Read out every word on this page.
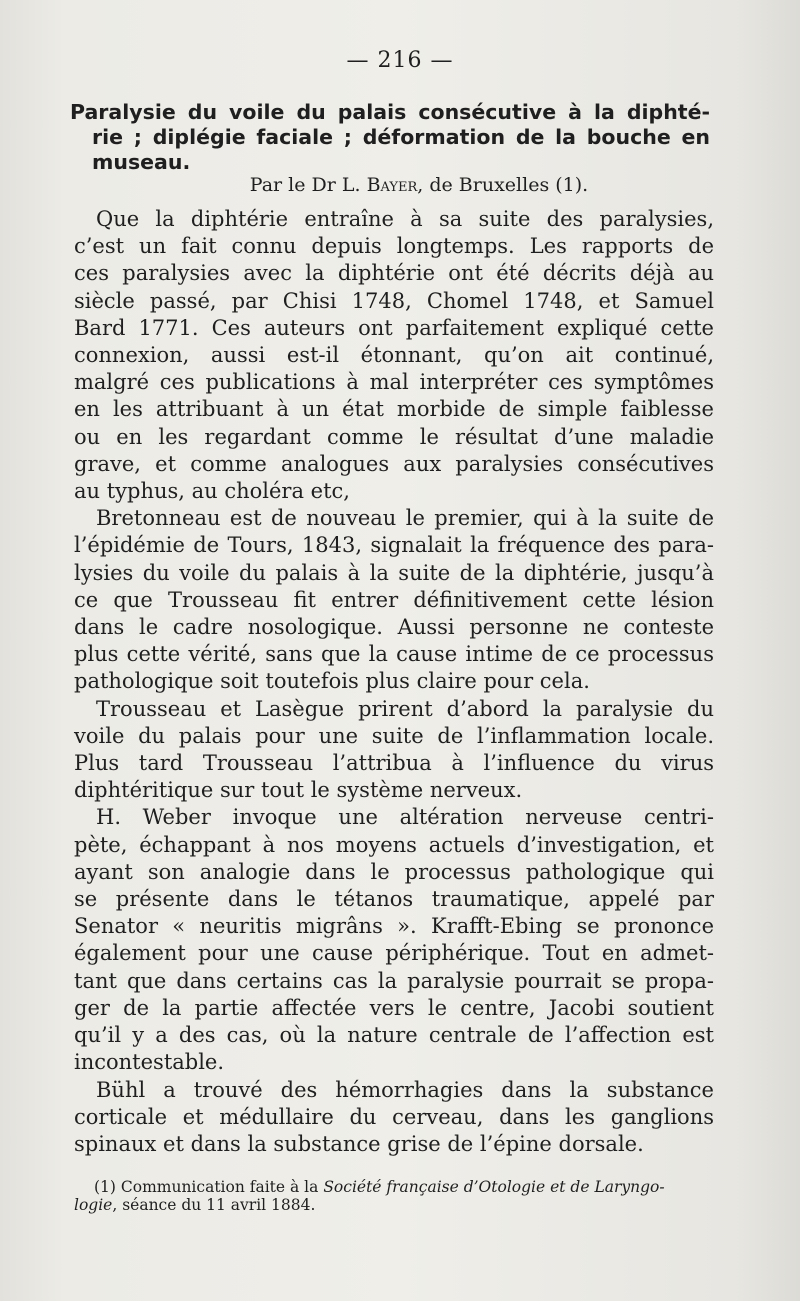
— 216 —
Paralysie du voile du palais consécutive à la diphté-
rie ; diplégie faciale ; déformation de la bouche en
museau.
Par le Dr L. Bayer, de Bruxelles (1).
Que la diphtérie entraîne à sa suite des paralysies,
c’est un fait connu depuis longtemps. Les rapports de
ces paralysies avec la diphtérie ont été décrits déjà au
siècle passé, par Chisi 1748, Chomel 1748, et Samuel
Bard 1771. Ces auteurs ont parfaitement expliqué cette
connexion, aussi est-il étonnant, qu’on ait continué,
malgré ces publications à mal interpréter ces symptômes
en les attribuant à un état morbide de simple faiblesse
ou en les regardant comme le résultat d’une maladie
grave, et comme analogues aux paralysies consécutives
au typhus, au choléra etc,
Bretonneau est de nouveau le premier, qui à la suite de
l’épidémie de Tours, 1843, signalait la fréquence des para-
lysies du voile du palais à la suite de la diphtérie, jusqu’à
ce que Trousseau fit entrer définitivement cette lésion
dans le cadre nosologique. Aussi personne ne conteste
plus cette vérité, sans que la cause intime de ce processus
pathologique soit toutefois plus claire pour cela.
Trousseau et Lasègue prirent d’abord la paralysie du
voile du palais pour une suite de l’inflammation locale.
Plus tard Trousseau l’attribua à l’influence du virus
diphtéritique sur tout le système nerveux.
H. Weber invoque une altération nerveuse centri-
pète, échappant à nos moyens actuels d’investigation, et
ayant son analogie dans le processus pathologique qui
se présente dans le tétanos traumatique, appelé par
Senator « neuritis migrâns ». Krafft-Ebing se prononce
également pour une cause périphérique. Tout en admet-
tant que dans certains cas la paralysie pourrait se propa-
ger de la partie affectée vers le centre, Jacobi soutient
qu’il y a des cas, où la nature centrale de l’affection est
incontestable.
Bühl a trouvé des hémorrhagies dans la substance
corticale et médullaire du cerveau, dans les ganglions
spinaux et dans la substance grise de l’épine dorsale.
(1) Communication faite à la Société française d’Otologie et de Laryngo-
logie, séance du 11 avril 1884.
